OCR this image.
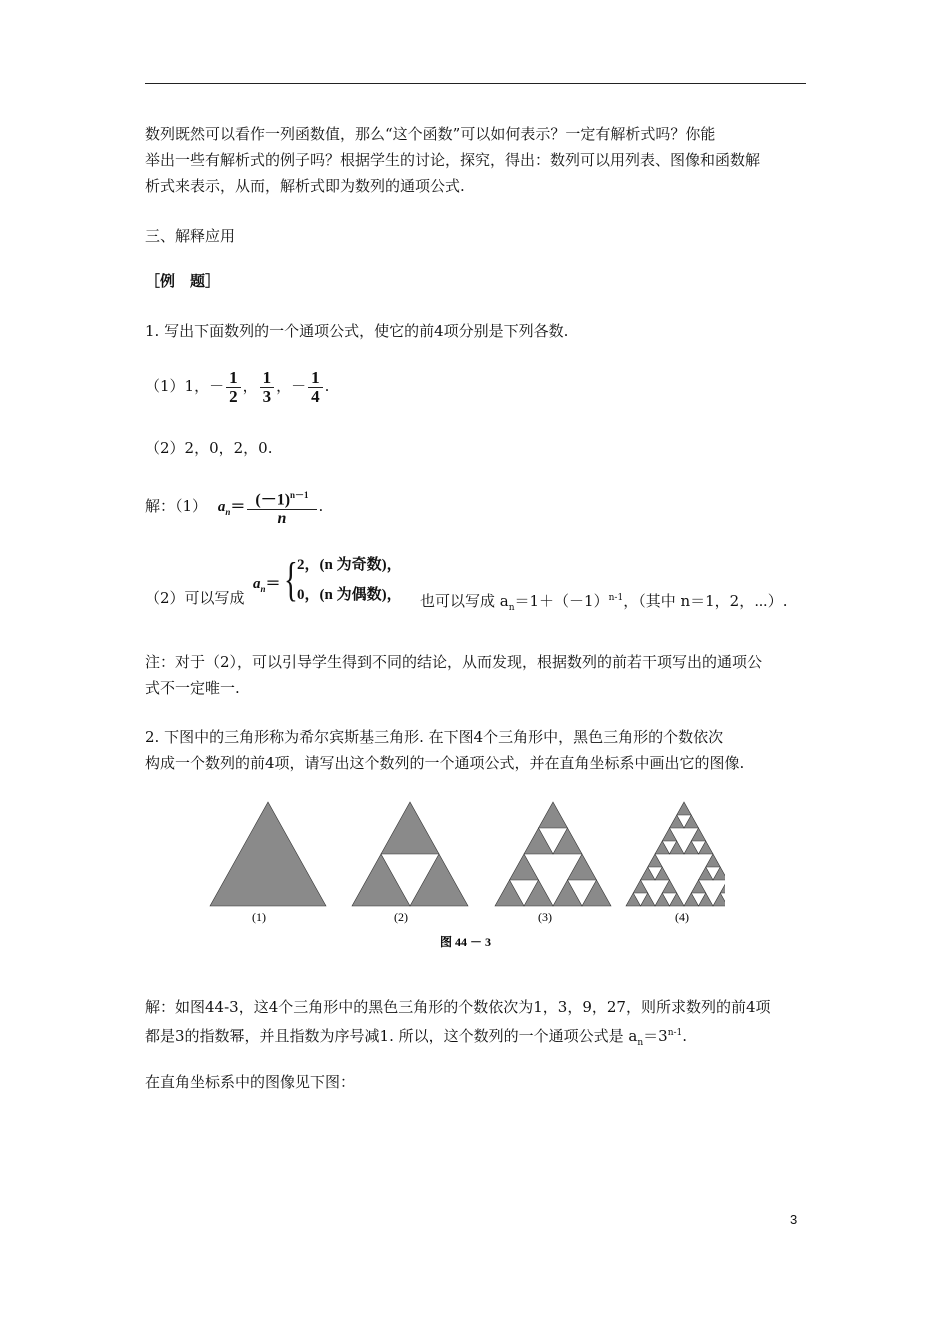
数列既然可以看作一列函数值，那么“这个函数”可以如何表示？一定有解析式吗？你能
举出一些有解析式的例子吗？根据学生的讨论，探究，得出：数列可以用列表、图像和函数解
析式来表示，从而，解析式即为数列的通项公式.
三、解释应用
［例　题］
1. 写出下面数列的一个通项公式，使它的前4项分别是下列各数.
（1）1，－ $\frac{1}{2}$ ， $\frac{1}{3}$ ，－ $\frac{1}{4}$ .
（2）2，0，2，0.
解：（1） $a_n= \frac{(-1)^{n-1}}{n}$ .
（2）可以写成
$a_n=$ { 2，(n 为奇数)，
0，(n 为偶数)， 也可以写成 $a_n=1+(-1)^{n-1}$，（其中 n＝1，2，⋯）.
注：对于（2），可以引导学生得到不同的结论，从而发现，根据数列的前若干项写出的通项公
式不一定唯一.
2. 下图中的三角形称为希尔宾斯基三角形. 在下图4个三角形中，黑色三角形的个数依次
构成一个数列的前4项，请写出这个数列的一个通项公式，并在直角坐标系中画出它的图像.
(1)	(2)	(3)	(4)
图 44 － 3
解：如图44-3，这4个三角形中的黑色三角形的个数依次为1，3，9，27，则所求数列的前4项
都是3的指数幂，并且指数为序号减1. 所以，这个数列的一个通项公式是 $a_n=3^{n-1}$.
在直角坐标系中的图像见下图：
3
